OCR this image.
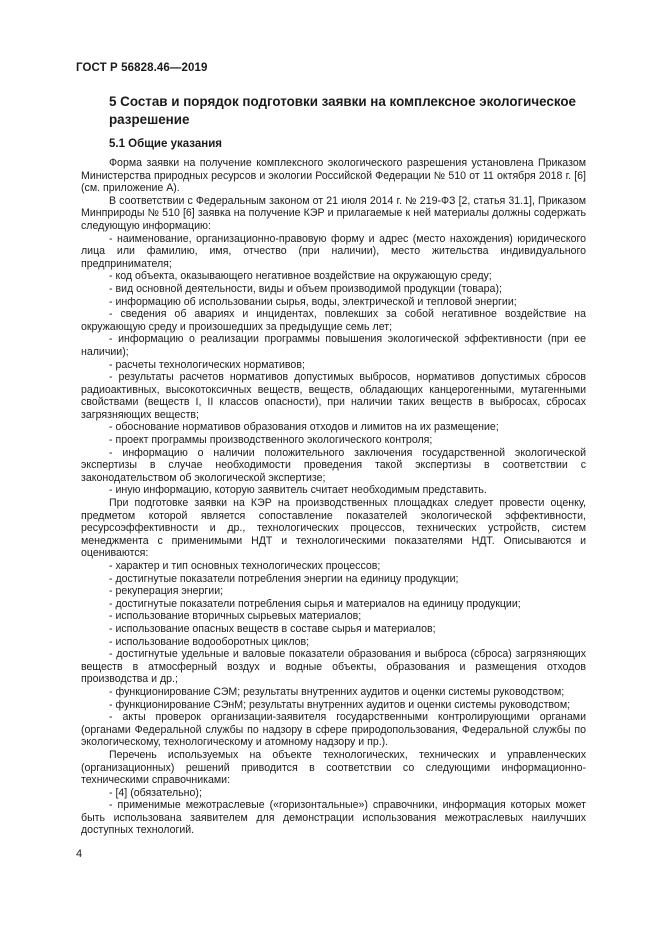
ГОСТ Р 56828.46—2019
5 Состав и порядок подготовки заявки на комплексное экологическое разрешение
5.1 Общие указания

Форма заявки на получение комплексного экологического разрешения установлена Приказом Министерства природных ресурсов и экологии Российской Федерации № 510 от 11 октября 2018 г. [6] (см. приложение А).

В соответствии с Федеральным законом от 21 июля 2014 г. № 219-ФЗ [2, статья 31.1], Приказом Минприроды № 510 [6] заявка на получение КЭР и прилагаемые к ней материалы должны содержать следующую информацию:

- наименование, организационно-правовую форму и адрес (место нахождения) юридического лица или фамилию, имя, отчество (при наличии), место жительства индивидуального предпринимателя;

- код объекта, оказывающего негативное воздействие на окружающую среду;

- вид основной деятельности, виды и объем производимой продукции (товара);

- информацию об использовании сырья, воды, электрической и тепловой энергии;

- сведения об авариях и инцидентах, повлекших за собой негативное воздействие на окружающую среду и произошедших за предыдущие семь лет;

- информацию о реализации программы повышения экологической эффективности (при ее наличии);

- расчеты технологических нормативов;

- результаты расчетов нормативов допустимых выбросов, нормативов допустимых сбросов радиоактивных, высокотоксичных веществ, веществ, обладающих канцерогенными, мутагенными свойствами (веществ I, II классов опасности), при наличии таких веществ в выбросах, сбросах загрязняющих веществ;

- обоснование нормативов образования отходов и лимитов на их размещение;

- проект программы производственного экологического контроля;

- информацию о наличии положительного заключения государственной экологической экспертизы в случае необходимости проведения такой экспертизы в соответствии с законодательством об экологической экспертизе;

- иную информацию, которую заявитель считает необходимым представить.

При подготовке заявки на КЭР на производственных площадках следует провести оценку, предметом которой является сопоставление показателей экологической эффективности, ресурсоэффективности и др., технологических процессов, технических устройств, систем менеджмента с применимыми НДТ и технологическими показателями НДТ. Описываются и оцениваются:

- характер и тип основных технологических процессов;

- достигнутые показатели потребления энергии на единицу продукции;

- рекуперация энергии;

- достигнутые показатели потребления сырья и материалов на единицу продукции;

- использование вторичных сырьевых материалов;

- использование опасных веществ в составе сырья и материалов;

- использование водооборотных циклов;

- достигнутые удельные и валовые показатели образования и выброса (сброса) загрязняющих веществ в атмосферный воздух и водные объекты, образования и размещения отходов производства и др.;

- функционирование СЭМ; результаты внутренних аудитов и оценки системы руководством;

- функционирование СЭнМ; результаты внутренних аудитов и оценки системы руководством;

- акты проверок организации-заявителя государственными контролирующими органами (органами Федеральной службы по надзору в сфере природопользования, Федеральной службы по экологическому, технологическому и атомному надзору и пр.).

Перечень используемых на объекте технологических, технических и управленческих (организационных) решений приводится в соответствии со следующими информационно-техническими справочниками:

- [4] (обязательно);

- применимые межотраслевые («горизонтальные») справочники, информация которых может быть использована заявителем для демонстрации использования межотраслевых наилучших доступных технологий.

4
